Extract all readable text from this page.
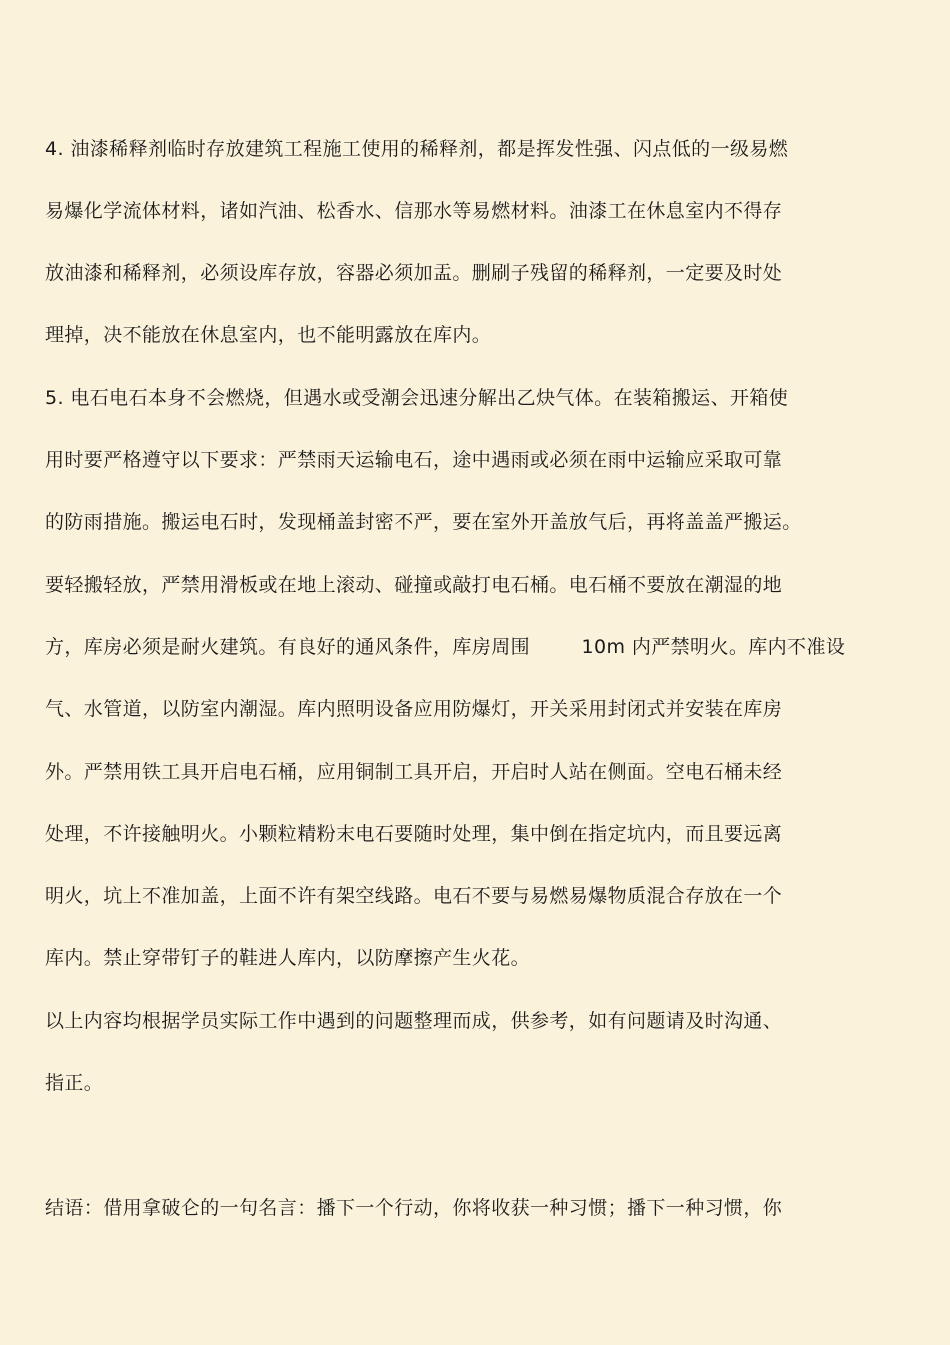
4. 油漆稀释剂临时存放建筑工程施工使用的稀释剂，都是挥发性强、闪点低的一级易燃
易爆化学流体材料，诸如汽油、松香水、信那水等易燃材料。油漆工在休息室内不得存
放油漆和稀释剂，必须设库存放，容器必须加盂。删刷子残留的稀释剂，一定要及时处
理掉，决不能放在休息室内，也不能明露放在库内。
5. 电石电石本身不会燃烧，但遇水或受潮会迅速分解出乙炔气体。在装箱搬运、开箱使
用时要严格遵守以下要求：严禁雨天运输电石，途中遇雨或必须在雨中运输应采取可靠
的防雨措施。搬运电石时，发现桶盖封密不严，要在室外开盖放气后，再将盖盖严搬运。
要轻搬轻放，严禁用滑板或在地上滚动、碰撞或敲打电石桶。电石桶不要放在潮湿的地
方，库房必须是耐火建筑。有良好的通风条件，库房周围        10m 内严禁明火。库内不准设
气、水管道，以防室内潮湿。库内照明设备应用防爆灯，开关采用封闭式并安装在库房
外。严禁用铁工具开启电石桶，应用铜制工具开启，开启时人站在侧面。空电石桶未经
处理，不许接触明火。小颗粒精粉末电石要随时处理，集中倒在指定坑内，而且要远离
明火，坑上不准加盖，上面不许有架空线路。电石不要与易燃易爆物质混合存放在一个
库内。禁止穿带钉子的鞋进人库内，以防摩擦产生火花。
以上内容均根据学员实际工作中遇到的问题整理而成，供参考，如有问题请及时沟通、
指正。
结语：借用拿破仑的一句名言：播下一个行动，你将收获一种习惯；播下一种习惯，你
